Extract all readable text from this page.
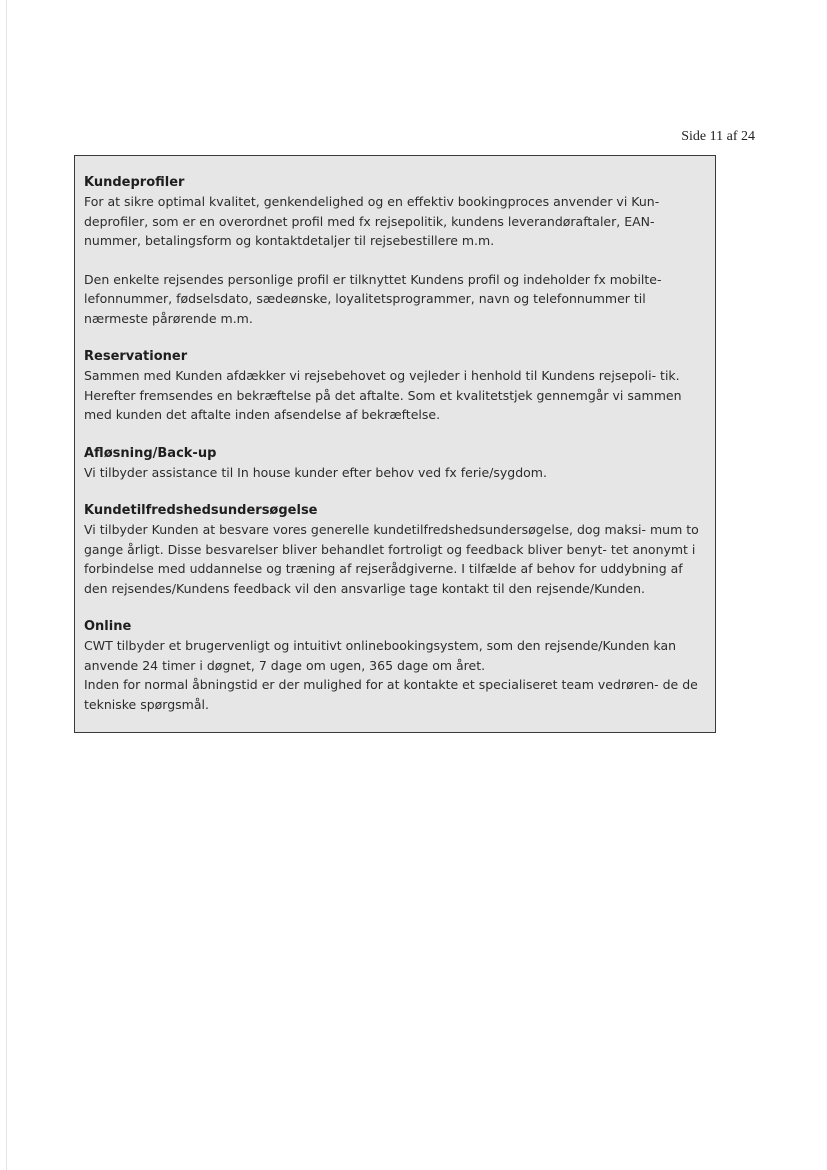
Side 11 af 24
Kundeprofiler

For at sikre optimal kvalitet, genkendelighed og en effektiv bookingproces anvender vi Kun- deprofiler, som er en overordnet profil med fx rejsepolitik, kundens leverandøraftaler, EAN- nummer, betalingsform og kontaktdetaljer til rejsebestillere m.m.

Den enkelte rejsendes personlige profil er tilknyttet Kundens profil og indeholder fx mobilte- lefonnummer, fødselsdato, sædeønske, loyalitetsprogrammer, navn og telefonnummer til nærmeste pårørende m.m.

Reservationer

Sammen med Kunden afdækker vi rejsebehovet og vejleder i henhold til Kundens rejsepoli- tik. Herefter fremsendes en bekræftelse på det aftalte. Som et kvalitetstjek gennemgår vi sammen med kunden det aftalte inden afsendelse af bekræftelse.

Afløsning/Back-up

Vi tilbyder assistance til In house kunder efter behov ved fx ferie/sygdom.

Kundetilfredshedsundersøgelse

Vi tilbyder Kunden at besvare vores generelle kundetilfredshedsundersøgelse, dog maksi- mum to gange årligt. Disse besvarelser bliver behandlet fortroligt og feedback bliver benyt- tet anonymt i forbindelse med uddannelse og træning af rejserådgiverne. I tilfælde af behov for uddybning af den rejsendes/Kundens feedback vil den ansvarlige tage kontakt til den rejsende/Kunden.

Online

CWT tilbyder et brugervenligt og intuitivt onlinebookingsystem, som den rejsende/Kunden kan anvende 24 timer i døgnet, 7 dage om ugen, 365 dage om året.

Inden for normal åbningstid er der mulighed for at kontakte et specialiseret team vedrøren- de de tekniske spørgsmål.
